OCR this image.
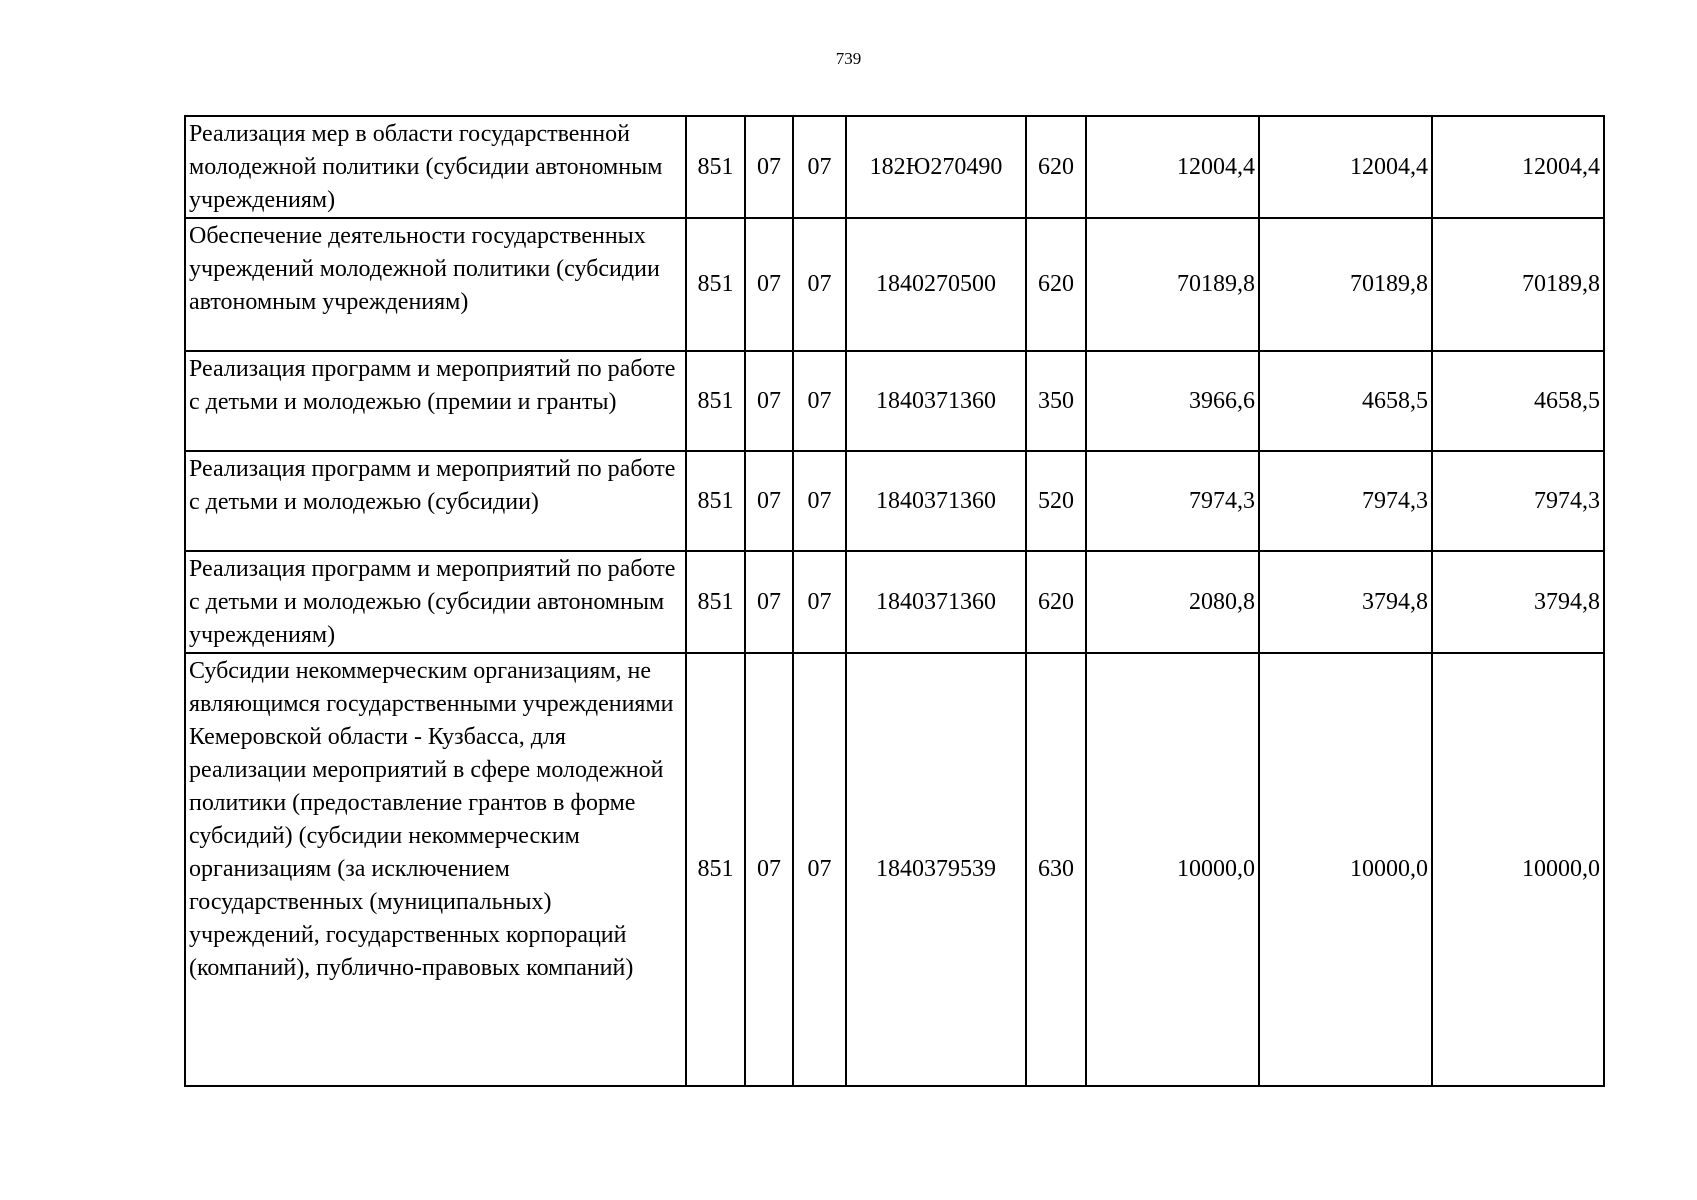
739
Реализация мер в области государственной молодежной политики (субсидии автономным учреждениям)	851	07	07	182Ю270490	620	12004,4	12004,4	12004,4
Обеспечение деятельности государственных учреждений молодежной политики (субсидии автономным учреждениям)	851	07	07	1840270500	620	70189,8	70189,8	70189,8
Реализация программ и мероприятий по работе с детьми и молодежью (премии и гранты)	851	07	07	1840371360	350	3966,6	4658,5	4658,5
Реализация программ и мероприятий по работе с детьми и молодежью (субсидии)	851	07	07	1840371360	520	7974,3	7974,3	7974,3
Реализация программ и мероприятий по работе с детьми и молодежью (субсидии автономным учреждениям)	851	07	07	1840371360	620	2080,8	3794,8	3794,8
Субсидии некоммерческим организациям, не являющимся государственными учреждениями Кемеровской области - Кузбасса, для реализации мероприятий в сфере молодежной политики (предоставление грантов в форме субсидий) (субсидии некоммерческим организациям (за исключением государственных (муниципальных) учреждений, государственных корпораций (компаний), публично-правовых компаний)	851	07	07	1840379539	630	10000,0	10000,0	10000,0
